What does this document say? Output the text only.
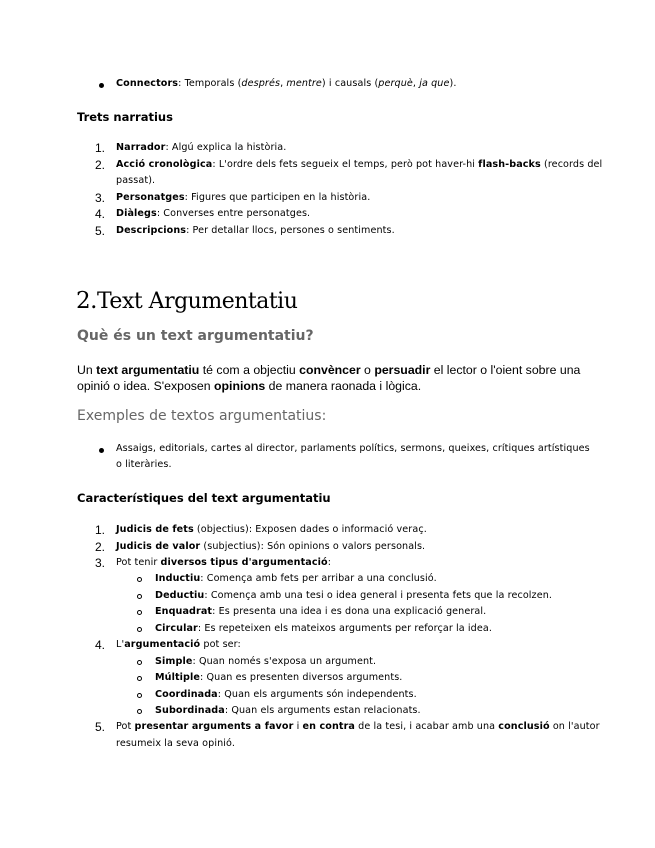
Connectors: Temporals (després, mentre) i causals (perquè, ja que).
Trets narratius
1. Narrador: Algú explica la història.
2. Acció cronològica: L'ordre dels fets segueix el temps, però pot haver-hi flash-backs (records del
passat).
3. Personatges: Figures que participen en la història.
4. Diàlegs: Converses entre personatges.
5. Descripcions: Per detallar llocs, persones o sentiments.
2.Text Argumentatiu
Què és un text argumentatiu?
Un text argumentatiu té com a objectiu convèncer o persuadir el lector o l'oient sobre una
opinió o idea. S'exposen opinions de manera raonada i lògica.
Exemples de textos argumentatius:
Assaigs, editorials, cartes al director, parlaments polítics, sermons, queixes, crítiques artístiques
o literàries.
Característiques del text argumentatiu
1. Judicis de fets (objectius): Exposen dades o informació veraç.
2. Judicis de valor (subjectius): Són opinions o valors personals.
3. Pot tenir diversos tipus d'argumentació:
Inductiu: Comença amb fets per arribar a una conclusió.
Deductiu: Comença amb una tesi o idea general i presenta fets que la recolzen.
Enquadrat: Es presenta una idea i es dona una explicació general.
Circular: Es repeteixen els mateixos arguments per reforçar la idea.
4. L'argumentació pot ser:
Simple: Quan només s'exposa un argument.
Múltiple: Quan es presenten diversos arguments.
Coordinada: Quan els arguments són independents.
Subordinada: Quan els arguments estan relacionats.
5. Pot presentar arguments a favor i en contra de la tesi, i acabar amb una conclusió on l'autor
resumeix la seva opinió.
